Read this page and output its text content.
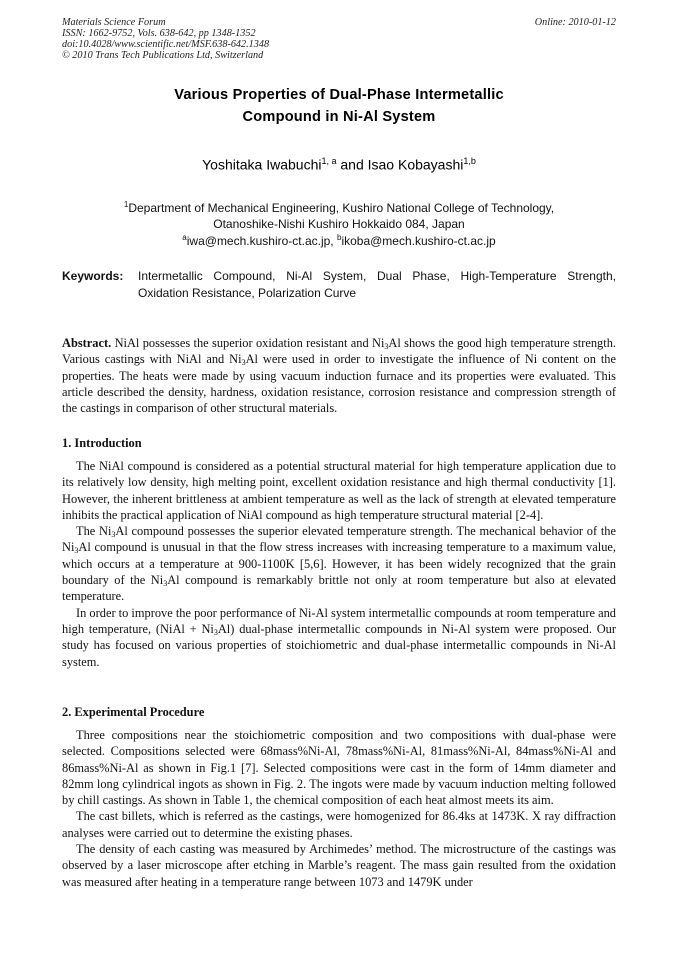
Materials Science Forum
ISSN: 1662-9752, Vols. 638-642, pp 1348-1352
doi:10.4028/www.scientific.net/MSF.638-642.1348
© 2010 Trans Tech Publications Ltd, Switzerland
Online: 2010-01-12
Various Properties of Dual-Phase Intermetallic
Compound in Ni-Al System
Yoshitaka Iwabuchi$^{1, a}$ and Isao Kobayashi$^{1,b}$
$^1$Department of Mechanical Engineering, Kushiro National College of Technology,
Otanoshike-Nishi Kushiro Hokkaido 084, Japan
$^a$iwa@mech.kushiro-ct.ac.jp, $^b$ikoba@mech.kushiro-ct.ac.jp
Keywords: Intermetallic Compound, Ni-Al System, Dual Phase, High-Temperature Strength, Oxidation Resistance, Polarization Curve
Abstract. NiAl possesses the superior oxidation resistant and $Ni_3Al$ shows the good high temperature strength. Various castings with NiAl and $Ni_3Al$ were used in order to investigate the influence of Ni content on the properties. The heats were made by using vacuum induction furnace and its properties were evaluated. This article described the density, hardness, oxidation resistance, corrosion resistance and compression strength of the castings in comparison of other structural materials.
1. Introduction

The NiAl compound is considered as a potential structural material for high temperature application due to its relatively low density, high melting point, excellent oxidation resistance and high thermal conductivity [1]. However, the inherent brittleness at ambient temperature as well as the lack of strength at elevated temperature inhibits the practical application of NiAl compound as high temperature structural material [2-4].

The $Ni_3Al$ compound possesses the superior elevated temperature strength. The mechanical behavior of the $Ni_3Al$ compound is unusual in that the flow stress increases with increasing temperature to a maximum value, which occurs at a temperature at 900-1100K [5,6]. However, it has been widely recognized that the grain boundary of the $Ni_3Al$ compound is remarkably brittle not only at room temperature but also at elevated temperature.

In order to improve the poor performance of Ni-Al system intermetallic compounds at room temperature and high temperature, (NiAl + $Ni_3Al$) dual-phase intermetallic compounds in Ni-Al system were proposed. Our study has focused on various properties of stoichiometric and dual-phase intermetallic compounds in Ni-Al system.

2. Experimental Procedure

Three compositions near the stoichiometric composition and two compositions with dual-phase were selected. Compositions selected were 68mass%Ni-Al, 78mass%Ni-Al, 81mass%Ni-Al, 84mass%Ni-Al and 86mass%Ni-Al as shown in Fig.1 [7]. Selected compositions were cast in the form of 14mm diameter and 82mm long cylindrical ingots as shown in Fig. 2. The ingots were made by vacuum induction melting followed by chill castings. As shown in Table 1, the chemical composition of each heat almost meets its aim.

The cast billets, which is referred as the castings, were homogenized for 86.4ks at 1473K. X ray diffraction analyses were carried out to determine the existing phases.

The density of each casting was measured by Archimedes’ method. The microstructure of the castings was observed by a laser microscope after etching in Marble’s reagent. The mass gain resulted from the oxidation was measured after heating in a temperature range between 1073 and 1479K under
